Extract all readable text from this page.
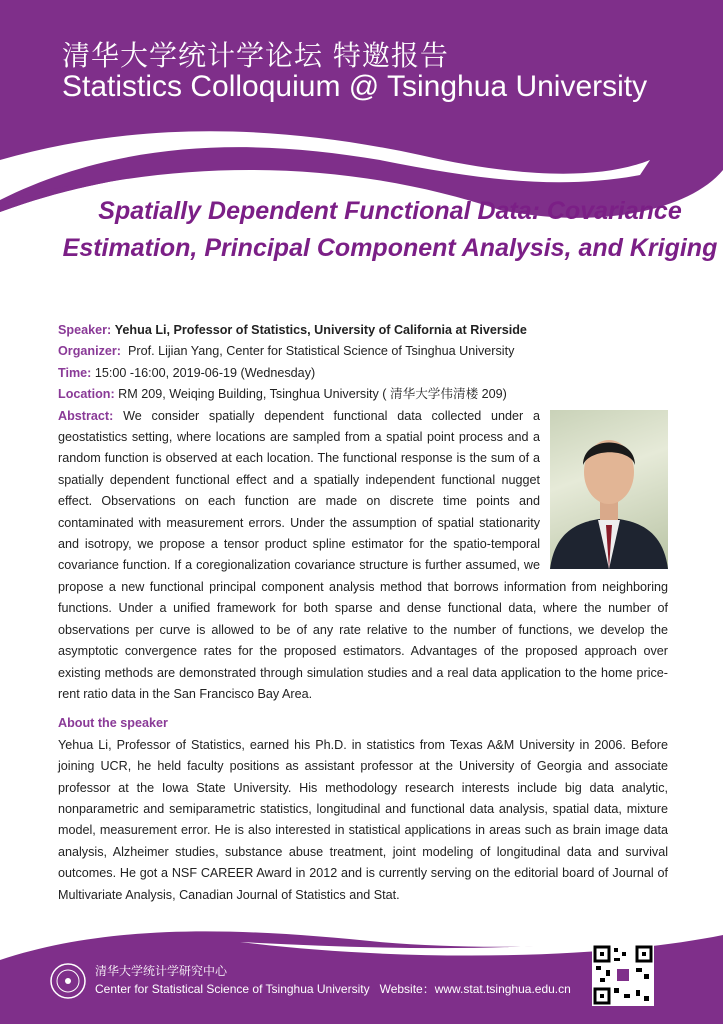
清华大学统计学论坛 特邀报告
Statistics Colloquium @ Tsinghua University
Spatially Dependent Functional Data: Covariance Estimation, Principal Component Analysis, and Kriging
Speaker: Yehua Li, Professor of Statistics, University of California at Riverside
Organizer: Prof. Lijian Yang, Center for Statistical Science of Tsinghua University
Time: 15:00 -16:00, 2019-06-19 (Wednesday)
Location: RM 209, Weiqing Building, Tsinghua University ( 清华大学伟清楼 209)
Abstract: We consider spatially dependent functional data collected under a geostatistics setting, where locations are sampled from a spatial point process and a random function is observed at each location. The functional response is the sum of a spatially dependent functional effect and a spatially independent functional nugget effect. Observations on each function are made on discrete time points and contaminated with measurement errors. Under the assumption of spatial stationarity and isotropy, we propose a tensor product spline estimator for the spatio-temporal covariance function. If a coregionalization covariance structure is further assumed, we propose a new functional principal component analysis method that borrows information from neighboring functions. Under a unified framework for both sparse and dense functional data, where the number of observations per curve is allowed to be of any rate relative to the number of functions, we develop the asymptotic convergence rates for the proposed estimators. Advantages of the proposed approach over existing methods are demonstrated through simulation studies and a real data application to the home price-rent ratio data in the San Francisco Bay Area.
About the speaker
Yehua Li, Professor of Statistics, earned his Ph.D. in statistics from Texas A&M University in 2006. Before joining UCR, he held faculty positions as assistant professor at the University of Georgia and associate professor at the Iowa State University. His methodology research interests include big data analytic, nonparametric and semiparametric statistics, longitudinal and functional data analysis, spatial data, mixture model, measurement error. He is also interested in statistical applications in areas such as brain image data analysis, Alzheimer studies, substance abuse treatment, joint modeling of longitudinal data and survival outcomes. He got a NSF CAREER Award in 2012 and is currently serving on the editorial board of Journal of Multivariate Analysis, Canadian Journal of Statistics and Stat.
清华大学统计学研究中心
Center for Statistical Science of Tsinghua University Website：www.stat.tsinghua.edu.cn
